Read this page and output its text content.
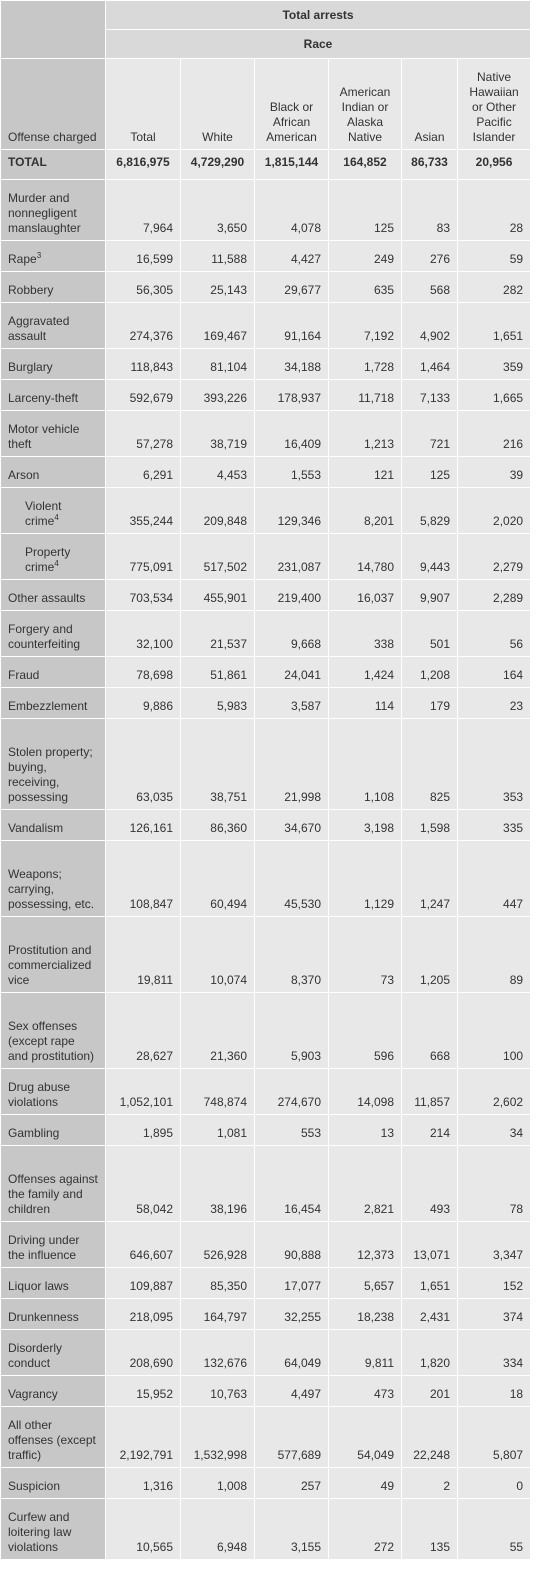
	Total arrests					
	Race					
Offense charged	Total	White	Black or African American	American Indian or Alaska Native	Asian	Native Hawaiian or Other Pacific Islander
TOTAL	6,816,975	4,729,290	1,815,144	164,852	86,733	20,956
Murder and nonnegligent manslaughter	7,964	3,650	4,078	125	83	28
Rape$^3$	16,599	11,588	4,427	249	276	59
Robbery	56,305	25,143	29,677	635	568	282
Aggravated assault	274,376	169,467	91,164	7,192	4,902	1,651
Burglary	118,843	81,104	34,188	1,728	1,464	359
Larceny-theft	592,679	393,226	178,937	11,718	7,133	1,665
Motor vehicle theft	57,278	38,719	16,409	1,213	721	216
Arson	6,291	4,453	1,553	121	125	39
Violent crime$^4$	355,244	209,848	129,346	8,201	5,829	2,020
Property crime$^4$	775,091	517,502	231,087	14,780	9,443	2,279
Other assaults	703,534	455,901	219,400	16,037	9,907	2,289
Forgery and counterfeiting	32,100	21,537	9,668	338	501	56
Fraud	78,698	51,861	24,041	1,424	1,208	164
Embezzlement	9,886	5,983	3,587	114	179	23
Stolen property; buying, receiving, possessing	63,035	38,751	21,998	1,108	825	353
Vandalism	126,161	86,360	34,670	3,198	1,598	335
Weapons; carrying, possessing, etc.	108,847	60,494	45,530	1,129	1,247	447
Prostitution and commercialized vice	19,811	10,074	8,370	73	1,205	89
Sex offenses (except rape and prostitution)	28,627	21,360	5,903	596	668	100
Drug abuse violations	1,052,101	748,874	274,670	14,098	11,857	2,602
Gambling	1,895	1,081	553	13	214	34
Offenses against the family and children	58,042	38,196	16,454	2,821	493	78
Driving under the influence	646,607	526,928	90,888	12,373	13,071	3,347
Liquor laws	109,887	85,350	17,077	5,657	1,651	152
Drunkenness	218,095	164,797	32,255	18,238	2,431	374
Disorderly conduct	208,690	132,676	64,049	9,811	1,820	334
Vagrancy	15,952	10,763	4,497	473	201	18
All other offenses (except traffic)	2,192,791	1,532,998	577,689	54,049	22,248	5,807
Suspicion	1,316	1,008	257	49	2	0
Curfew and loitering law violations	10,565	6,948	3,155	272	135	55
